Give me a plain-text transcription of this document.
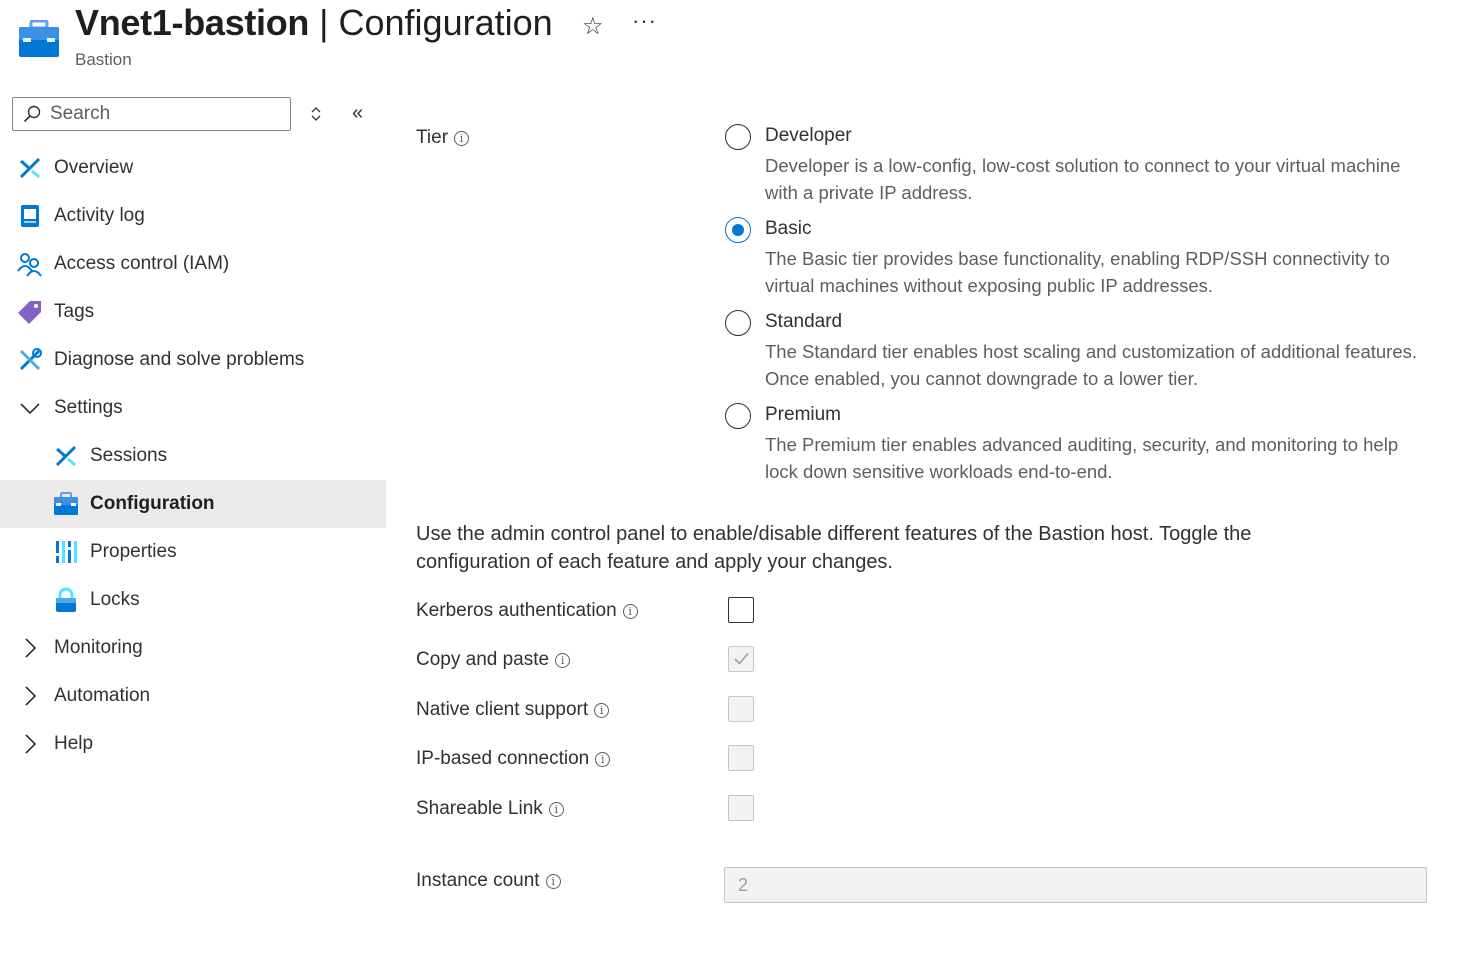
Vnet1-bastion | Configuration
Bastion
☆ ···
Search
«
Overview
Activity log
Access control (IAM)
Tags
Diagnose and solve problems
Settings
Sessions
Configuration
Properties
Locks
Monitoring
Automation
Help
Tier	i	Developer
Developer is a low-config, low-cost solution to connect to your virtual machine with a private IP address.
Basic
The Basic tier provides base functionality, enabling RDP/SSH connectivity to virtual machines without exposing public IP addresses.
Standard
The Standard tier enables host scaling and customization of additional features. Once enabled, you cannot downgrade to a lower tier.
Premium
The Premium tier enables advanced auditing, security, and monitoring to help lock down sensitive workloads end-to-end.
Use the admin control panel to enable/disable different features of the Bastion host. Toggle the configuration of each feature and apply your changes.
Kerberos authentication	i
Copy and paste	i
Native client support	i
IP-based connection	i
Shareable Link	i
Instance count	i	2
